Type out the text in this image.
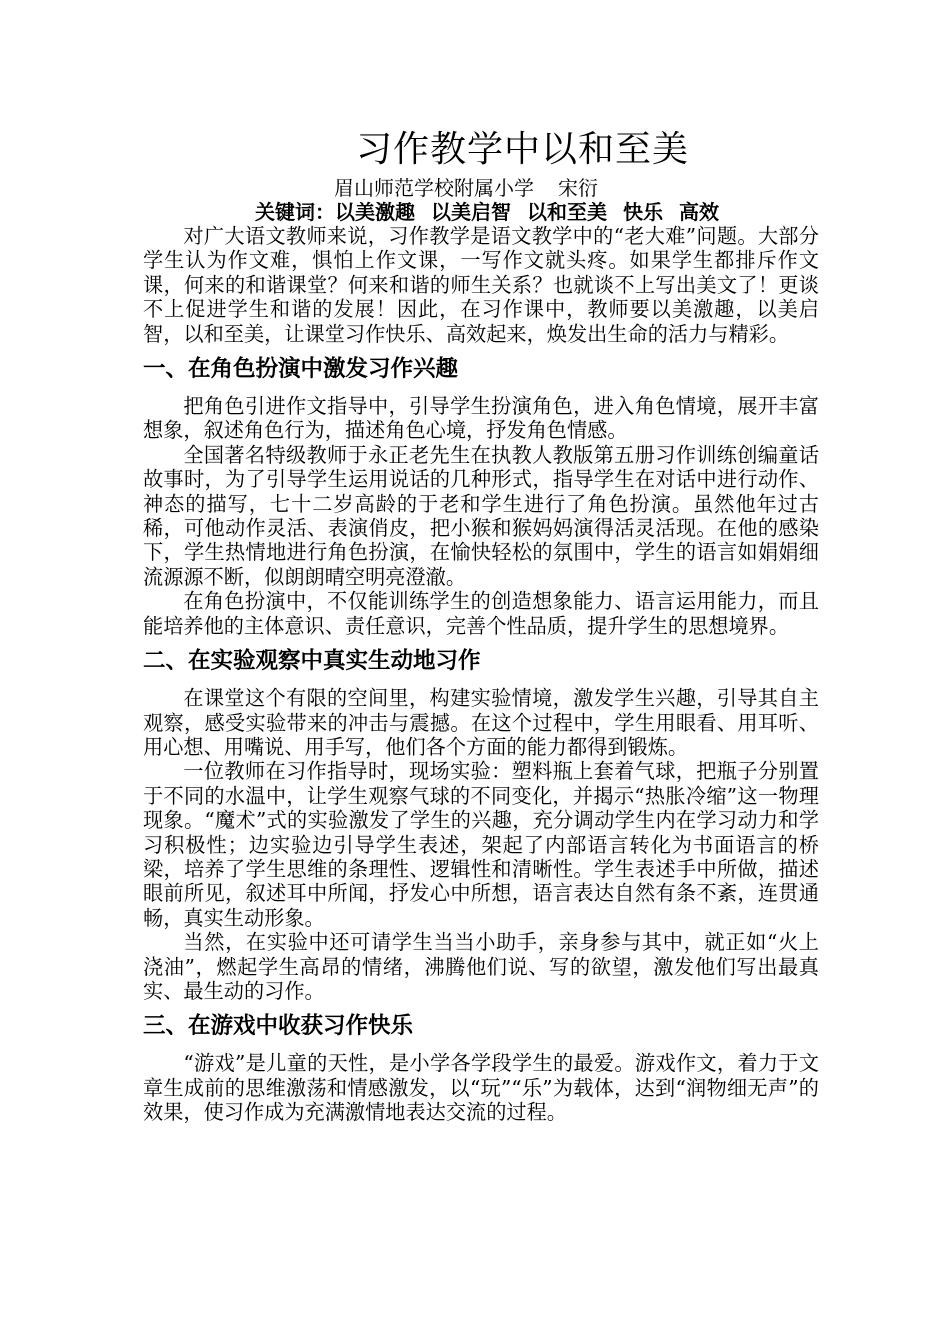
习作教学中以和至美
眉山师范学校附属小学 宋衍
关键词：以美激趣 以美启智 以和至美 快乐 高效

对广大语文教师来说，习作教学是语文教学中的“老大难”问题。大部分学生认为作文难，惧怕上作文课，一写作文就头疼。如果学生都排斥作文课，何来的和谐课堂？何来和谐的师生关系？也就谈不上写出美文了！更谈不上促进学生和谐的发展！因此，在习作课中，教师要以美激趣，以美启智，以和至美，让课堂习作快乐、高效起来，焕发出生命的活力与精彩。

一、在角色扮演中激发习作兴趣

把角色引进作文指导中，引导学生扮演角色，进入角色情境，展开丰富想象，叙述角色行为，描述角色心境，抒发角色情感。

全国著名特级教师于永正老先生在执教人教版第五册习作训练创编童话故事时，为了引导学生运用说话的几种形式，指导学生在对话中进行动作、神态的描写，七十二岁高龄的于老和学生进行了角色扮演。虽然他年过古稀，可他动作灵活、表演俏皮，把小猴和猴妈妈演得活灵活现。在他的感染下，学生热情地进行角色扮演，在愉快轻松的氛围中，学生的语言如娟娟细流源源不断，似朗朗晴空明亮澄澈。

在角色扮演中，不仅能训练学生的创造想象能力、语言运用能力，而且能培养他的主体意识、责任意识，完善个性品质，提升学生的思想境界。

二、在实验观察中真实生动地习作

在课堂这个有限的空间里，构建实验情境，激发学生兴趣，引导其自主观察，感受实验带来的冲击与震撼。在这个过程中，学生用眼看、用耳听、用心想、用嘴说、用手写，他们各个方面的能力都得到锻炼。

一位教师在习作指导时，现场实验：塑料瓶上套着气球，把瓶子分别置于不同的水温中，让学生观察气球的不同变化，并揭示“热胀冷缩”这一物理现象。“魔术”式的实验激发了学生的兴趣，充分调动学生内在学习动力和学习积极性；边实验边引导学生表述，架起了内部语言转化为书面语言的桥梁，培养了学生思维的条理性、逻辑性和清晰性。学生表述手中所做，描述眼前所见，叙述耳中所闻，抒发心中所想，语言表达自然有条不紊，连贯通畅，真实生动形象。

当然，在实验中还可请学生当当小助手，亲身参与其中，就正如“火上浇油”，燃起学生高昂的情绪，沸腾他们说、写的欲望，激发他们写出最真实、最生动的习作。

三、在游戏中收获习作快乐

“游戏”是儿童的天性，是小学各学段学生的最爱。游戏作文，着力于文章生成前的思维激荡和情感激发，以“玩”“乐”为载体，达到“润物细无声”的效果，使习作成为充满激情地表达交流的过程。
